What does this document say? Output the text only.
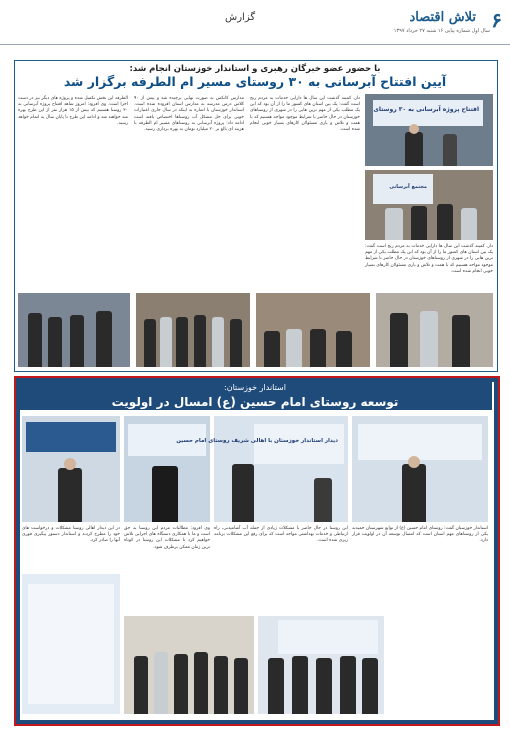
۶
تلاش اقتصاد
گزارش
سال اول شماره پیاپی ۱۶ شنبه ۲۷ خرداد ۱۳۹۷
با حضور عضو خبرگان رهبری و استاندار خوزستان انجام شد:
آیین افتتاح آبرسانی به ۳۰ روستای مسیر ام الطرفه برگزار شد
افتتاح پروژه آبرسانی به ۳۰ روستای
مجتمع آبرسانی
الطرفه این بخش تکمیل شده و پروژه های دیگر نیز در دست اجرا است. وی افزود: امروز شاهد افتتاح پروژه آبرسانی به ۳۰ روستا هستیم که بیش از ۱۵ هزار نفر از این طرح بهره مند خواهند شد و ادامه این طرح تا پایان سال به اتمام خواهد رسید.
مدارس کانکس به صورت نهایی برچیده شد و بیش از ۹۰ کلاس درس مدرسه به مدارس استان افزوده شده است. استاندار خوزستان با اشاره به اینکه در سال جاری اعتبارات خوبی برای حل مشکل آب روستاها اختصاص یافته است ادامه داد: پروژه آبرسانی به روستاهای مسیر ام الطرفه با هزینه ای بالغ بر ۲۰ میلیارد تومان به بهره برداری رسید.
دار، کمیته گذشت این سال ها دارایی خدمات به مردم رنج است گفت: یک بین استان های کشور ما را از آن بود که این یک مطلب یکی از مهم ترین هایی را در شهری از روستاهای خوزستان در حال حاضر با شرایط موجود مواجه هستیم که با همت و تلاش و یاری مسئولان کارهای بسیار خوبی انجام شده است.
دار، کمیته گذشت این سال ها دارایی خدمات به مردم رنج است گفت: یک بین استان های کشور ما را از آن بود که این یک مطلب یکی از مهم ترین هایی را در شهری از روستاهای خوزستان در حال حاضر با شرایط موجود مواجه هستیم که با همت و تلاش و یاری مسئولان کارهای بسیار خوبی انجام شده است.
استاندار خوزستان:
توسعه روستای امام حسین (ع) امسال در اولویت
دیدار استاندار خوزستان با اهالی شریف روستای امام حسین
در این دیدار اهالی روستا مشکلات و درخواست های خود را مطرح کردند و استاندار دستور پیگیری فوری آنها را صادر کرد.
وی افزود: مطالبات مردم این روستا به حق است و ما با همکاری دستگاه های اجرایی تلاش خواهیم کرد تا مشکلات این روستا در کوتاه ترین زمان ممکن برطرف شود.
این روستا در حال حاضر با مشکلات زیادی از جمله آب آشامیدنی، راه ارتباطی و خدمات بهداشتی مواجه است که برای رفع این مشکلات برنامه ریزی شده است.
استاندار خوزستان گفت: روستای امام حسین (ع) از توابع شهرستان حمیدیه یکی از روستاهای مهم استان است که امسال توسعه آن در اولویت قرار دارد.
